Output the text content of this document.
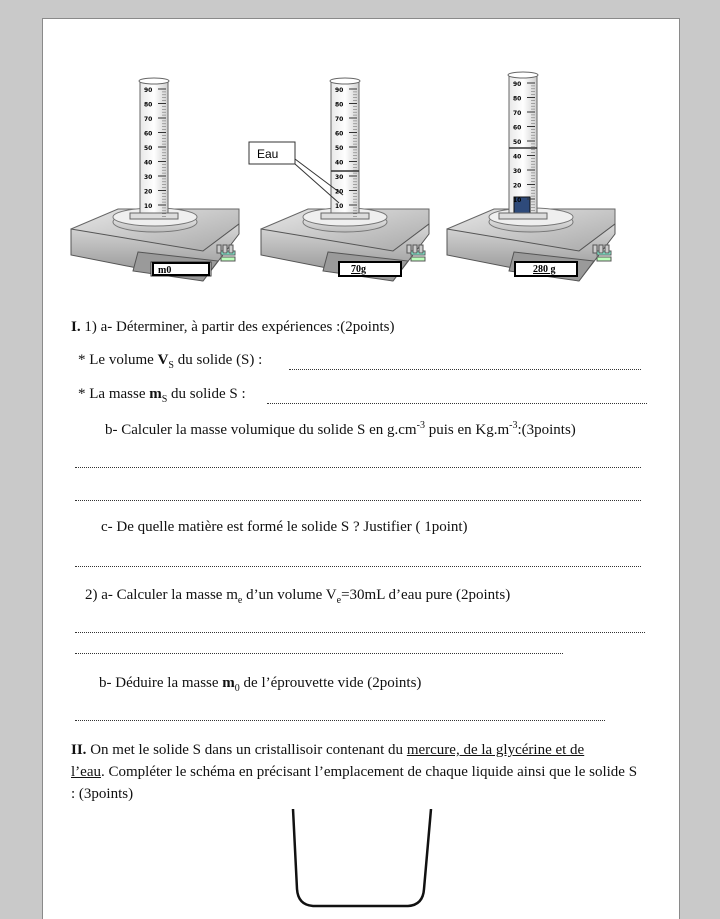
m0	70g
Eau
280 g
90
80
70
60
50
40
30
20
10
90
80
70
60
50
40
30
20
10
90
80
70
60
50
40
30
20
10
I. 1) a- Déterminer, à partir des expériences :(2points)
* Le volume $V_S$ du solide (S) :
* La masse $m_S$ du solide S :
b- Calculer la masse volumique du solide S en $g.cm^{-3}$ puis en $Kg.m^{-3}:(3points)$
c- De quelle matière est formé le solide S ? Justifier ( 1point)
2) a- Calculer la masse $m_e$ d’un volume $V_e=30mL$ d’eau pure (2points)
b- Déduire la masse $m_0$ de l’éprouvette vide (2points)
II. On met le solide S dans un cristallisoir contenant du mercure, de la glycérine et de
l’eau. Compléter le schéma en précisant l’emplacement de chaque liquide ainsi que le solide S : (3points)
